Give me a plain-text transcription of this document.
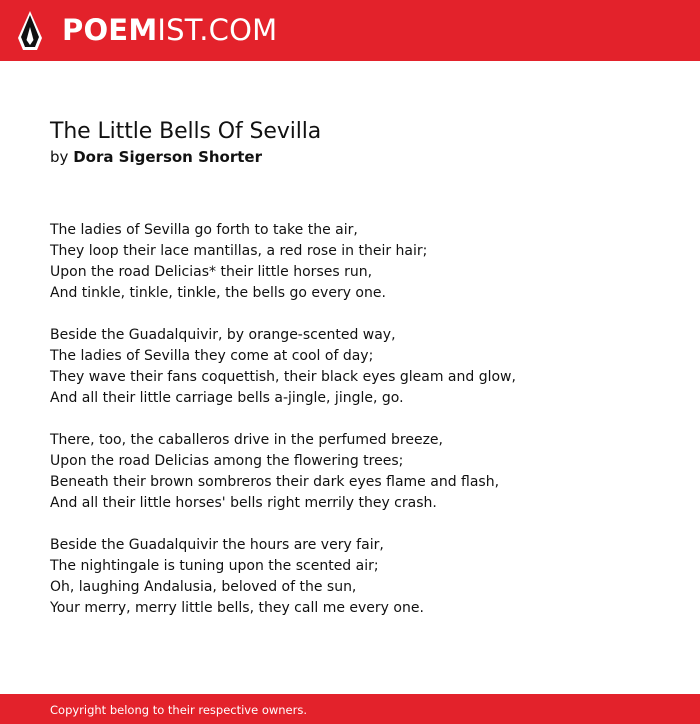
POEMIST.COM
The Little Bells Of Sevilla
by Dora Sigerson Shorter
The ladies of Sevilla go forth to take the air,
They loop their lace mantillas, a red rose in their hair;
Upon the road Delicias* their little horses run,
And tinkle, tinkle, tinkle, the bells go every one.
Beside the Guadalquivir, by orange-scented way,
The ladies of Sevilla they come at cool of day;
They wave their fans coquettish, their black eyes gleam and glow,
And all their little carriage bells a-jingle, jingle, go.
There, too, the caballeros drive in the perfumed breeze,
Upon the road Delicias among the flowering trees;
Beneath their brown sombreros their dark eyes flame and flash,
And all their little horses' bells right merrily they crash.
Beside the Guadalquivir the hours are very fair,
The nightingale is tuning upon the scented air;
Oh, laughing Andalusia, beloved of the sun,
Your merry, merry little bells, they call me every one.
Copyright belong to their respective owners.
